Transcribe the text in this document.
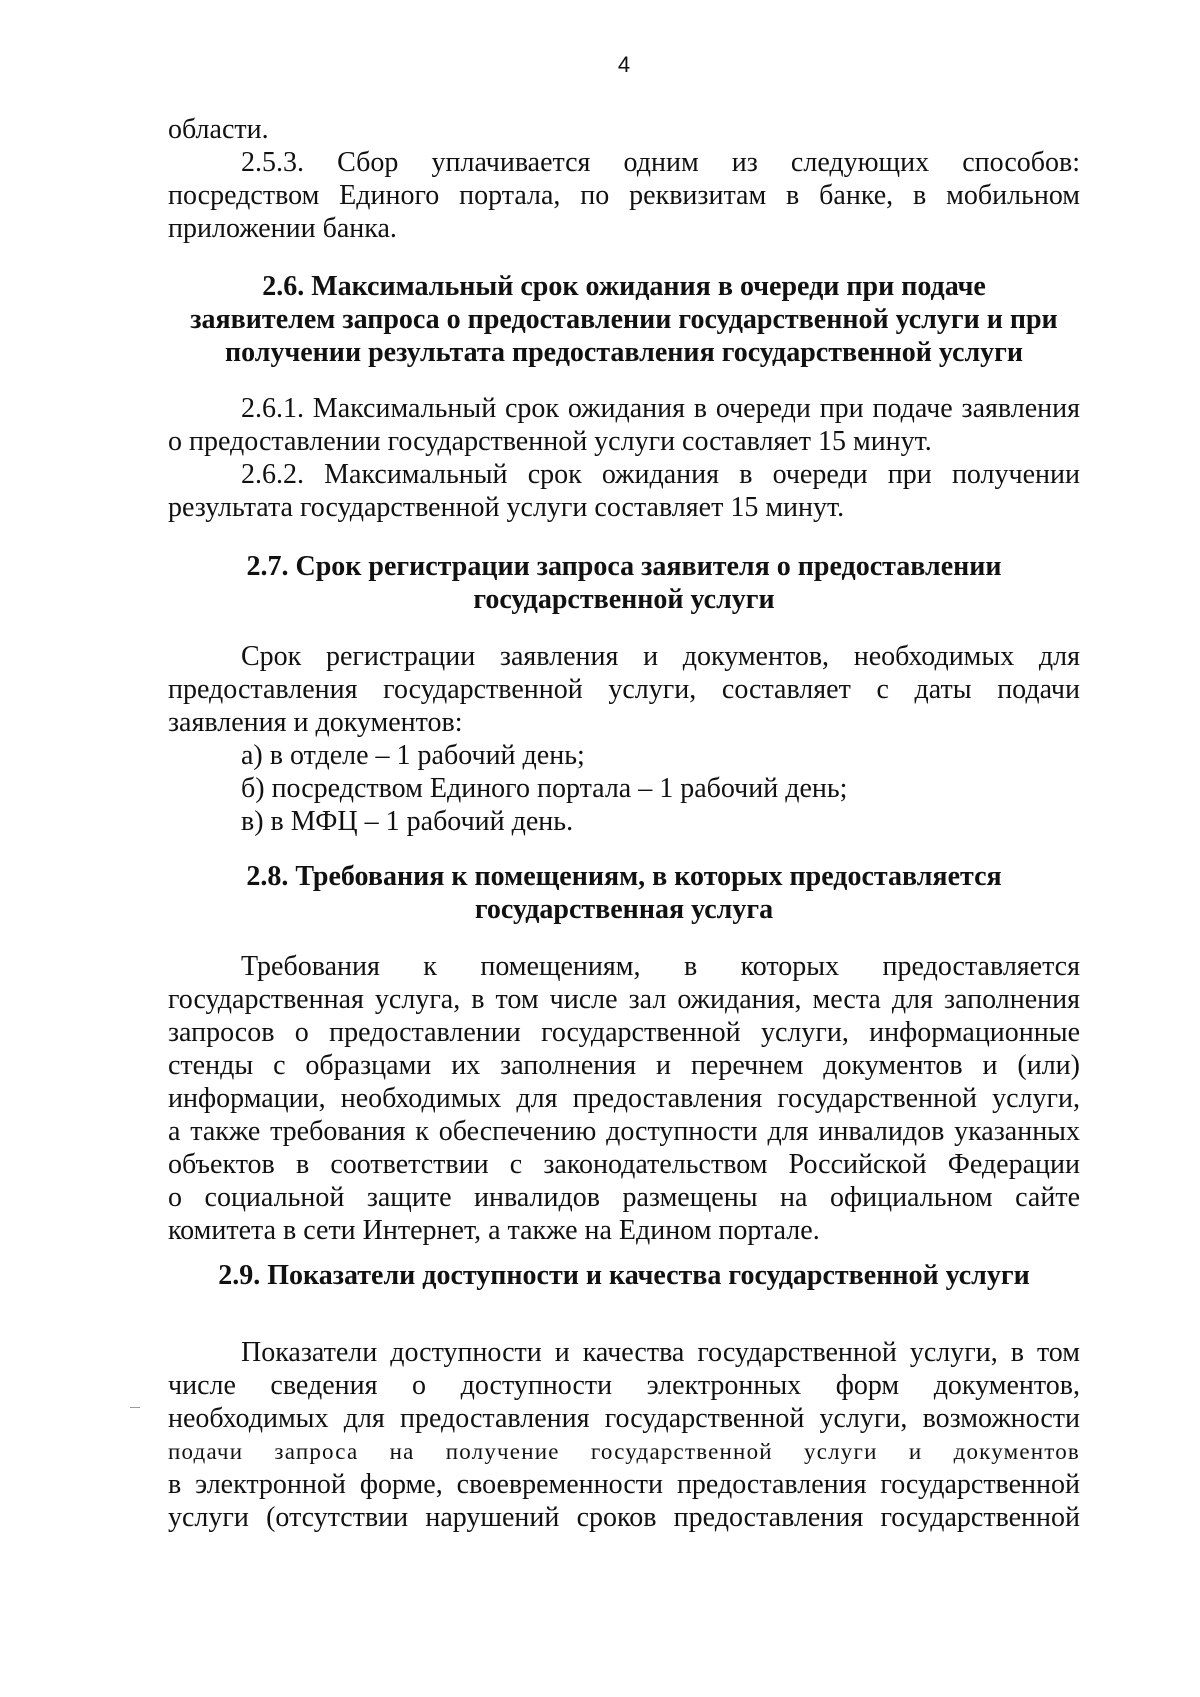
4

области.

2.5.3. Сбор уплачивается одним из следующих способов:
посредством Единого портала, по реквизитам в банке, в мобильном
приложении банка.

2.6. Максимальный срок ожидания в очереди при подаче
заявителем запроса о предоставлении государственной услуги и при
получении результата предоставления государственной услуги

2.6.1. Максимальный срок ожидания в очереди при подаче заявления
о предоставлении государственной услуги составляет 15 минут.

2.6.2. Максимальный срок ожидания в очереди при получении
результата государственной услуги составляет 15 минут.

2.7. Срок регистрации запроса заявителя о предоставлении
государственной услуги

Срок регистрации заявления и документов, необходимых для
предоставления государственной услуги, составляет с даты подачи
заявления и документов:

а) в отделе – 1 рабочий день;
б) посредством Единого портала – 1 рабочий день;
в) в МФЦ – 1 рабочий день.
2.8. Требования к помещениям, в которых предоставляется
государственная услуга

Требования к помещениям, в которых предоставляется
государственная услуга, в том числе зал ожидания, места для заполнения
запросов о предоставлении государственной услуги, информационные
стенды с образцами их заполнения и перечнем документов и (или)
информации, необходимых для предоставления государственной услуги,
а также требования к обеспечению доступности для инвалидов указанных
объектов в соответствии с законодательством Российской Федерации
о социальной защите инвалидов размещены на официальном сайте
комитета в сети Интернет, а также на Едином портале.

2.9. Показатели доступности и качества государственной услуги

Показатели доступности и качества государственной услуги, в том
числе сведения о доступности электронных форм документов,
необходимых для предоставления государственной услуги, возможности
подачи запроса на получение государственной услуги и документов
в электронной форме, своевременности предоставления государственной
услуги (отсутствии нарушений сроков предоставления государственной
